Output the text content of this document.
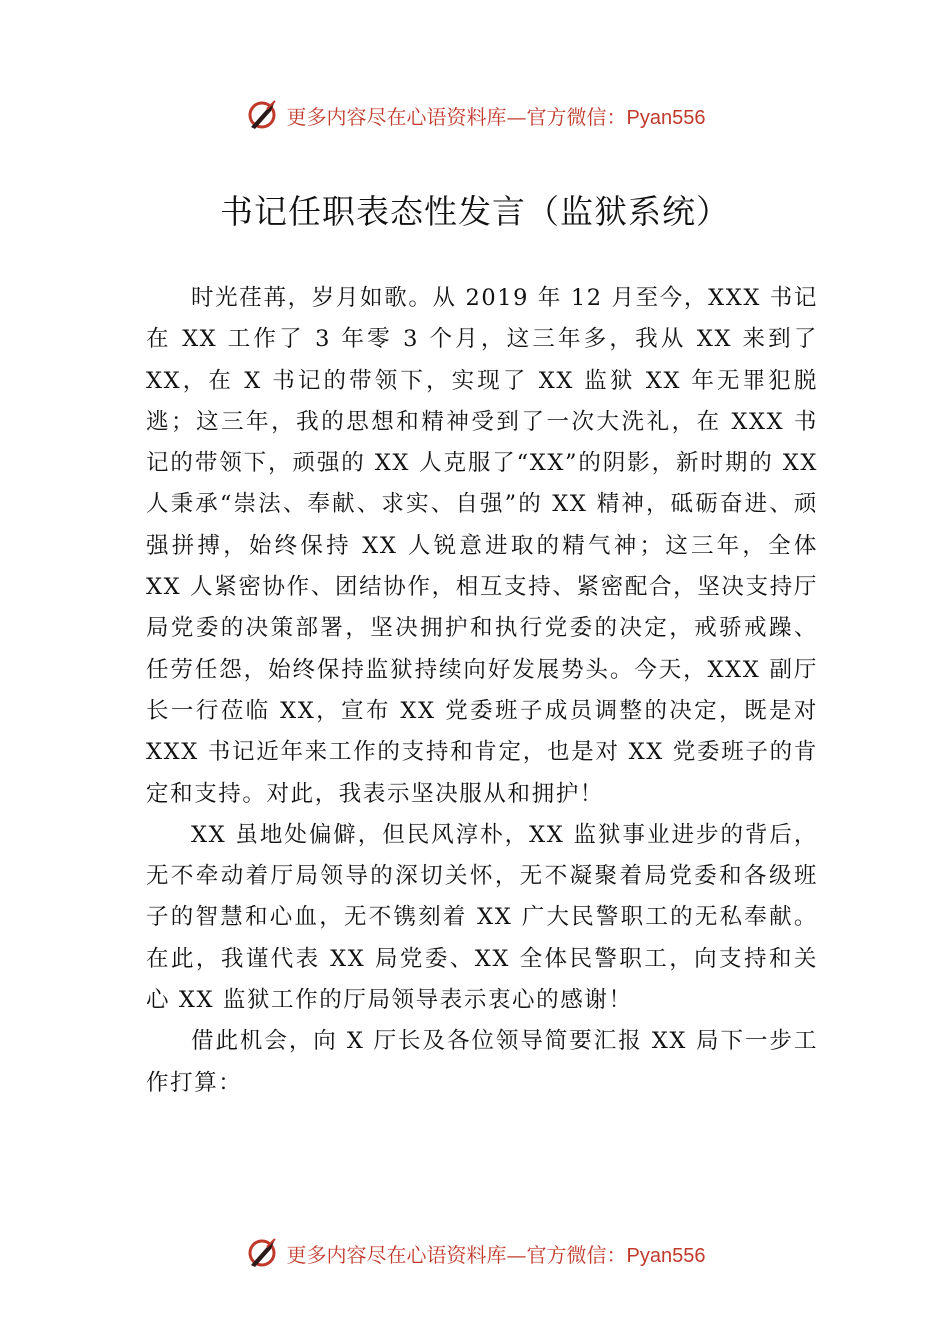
更多内容尽在心语资料库—官方微信：Pyan556
书记任职表态性发言（监狱系统）

时光荏苒，岁月如歌。从 2019 年 12 月至今，XXX 书记在 XX 工作了 3 年零 3 个月，这三年多，我从 XX 来到了 XX，在 X 书记的带领下，实现了 XX 监狱 XX 年无罪犯脱逃；这三年，我的思想和精神受到了一次大洗礼，在 XXX 书记的带领下，顽强的 XX 人克服了“XX”的阴影，新时期的 XX 人秉承“崇法、奉献、求实、自强”的 XX 精神，砥砺奋进、顽强拼搏，始终保持 XX 人锐意进取的精气神；这三年，全体 XX 人紧密协作、团结协作，相互支持、紧密配合，坚决支持厅局党委的决策部署，坚决拥护和执行党委的决定，戒骄戒躁、任劳任怨，始终保持监狱持续向好发展势头。今天，XXX 副厅长一行莅临 XX，宣布 XX 党委班子成员调整的决定，既是对 XXX 书记近年来工作的支持和肯定，也是对 XX 党委班子的肯定和支持。对此，我表示坚决服从和拥护！

XX 虽地处偏僻，但民风淳朴，XX 监狱事业进步的背后，无不牵动着厅局领导的深切关怀，无不凝聚着局党委和各级班子的智慧和心血，无不镌刻着 XX 广大民警职工的无私奉献。在此，我谨代表 XX 局党委、XX 全体民警职工，向支持和关心 XX 监狱工作的厅局领导表示衷心的感谢！

借此机会，向 X 厅长及各位领导简要汇报 XX 局下一步工作打算：

更多内容尽在心语资料库—官方微信：Pyan556
